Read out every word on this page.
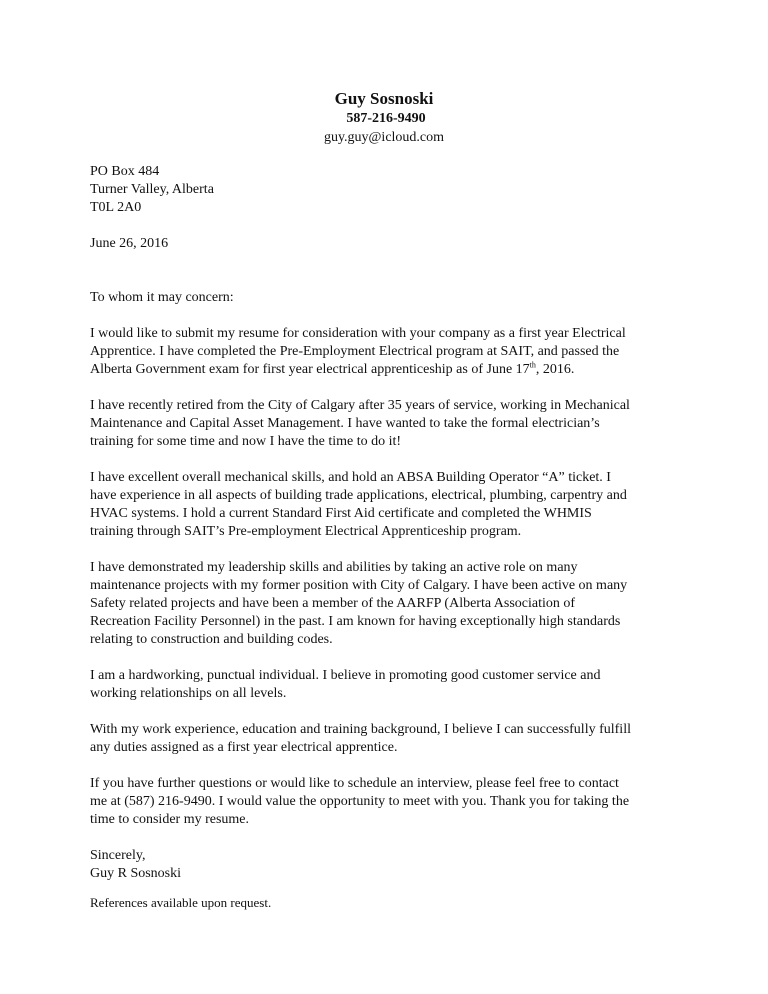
Guy Sosnoski

587-216-9490

guy.guy@icloud.com

PO Box 484
Turner Valley, Alberta
T0L 2A0
June 26, 2016
To whom it may concern:
I would like to submit my resume for consideration with your company as a first year Electrical
Apprentice. I have completed the Pre-Employment Electrical program at SAIT, and passed the
Alberta Government exam for first year electrical apprenticeship as of June 17th, 2016.
I have recently retired from the City of Calgary after 35 years of service, working in Mechanical
Maintenance and Capital Asset Management. I have wanted to take the formal electrician’s
training for some time and now I have the time to do it!
I have excellent overall mechanical skills, and hold an ABSA Building Operator “A” ticket. I
have experience in all aspects of building trade applications, electrical, plumbing, carpentry and
HVAC systems. I hold a current Standard First Aid certificate and completed the WHMIS
training through SAIT’s Pre-employment Electrical Apprenticeship program.
I have demonstrated my leadership skills and abilities by taking an active role on many
maintenance projects with my former position with City of Calgary. I have been active on many
Safety related projects and have been a member of the AARFP (Alberta Association of
Recreation Facility Personnel) in the past. I am known for having exceptionally high standards
relating to construction and building codes.
I am a hardworking, punctual individual. I believe in promoting good customer service and
working relationships on all levels.
With my work experience, education and training background, I believe I can successfully fulfill
any duties assigned as a first year electrical apprentice.
If you have further questions or would like to schedule an interview, please feel free to contact
me at (587) 216-9490. I would value the opportunity to meet with you. Thank you for taking the
time to consider my resume.
Sincerely,
Guy R Sosnoski
References available upon request.
